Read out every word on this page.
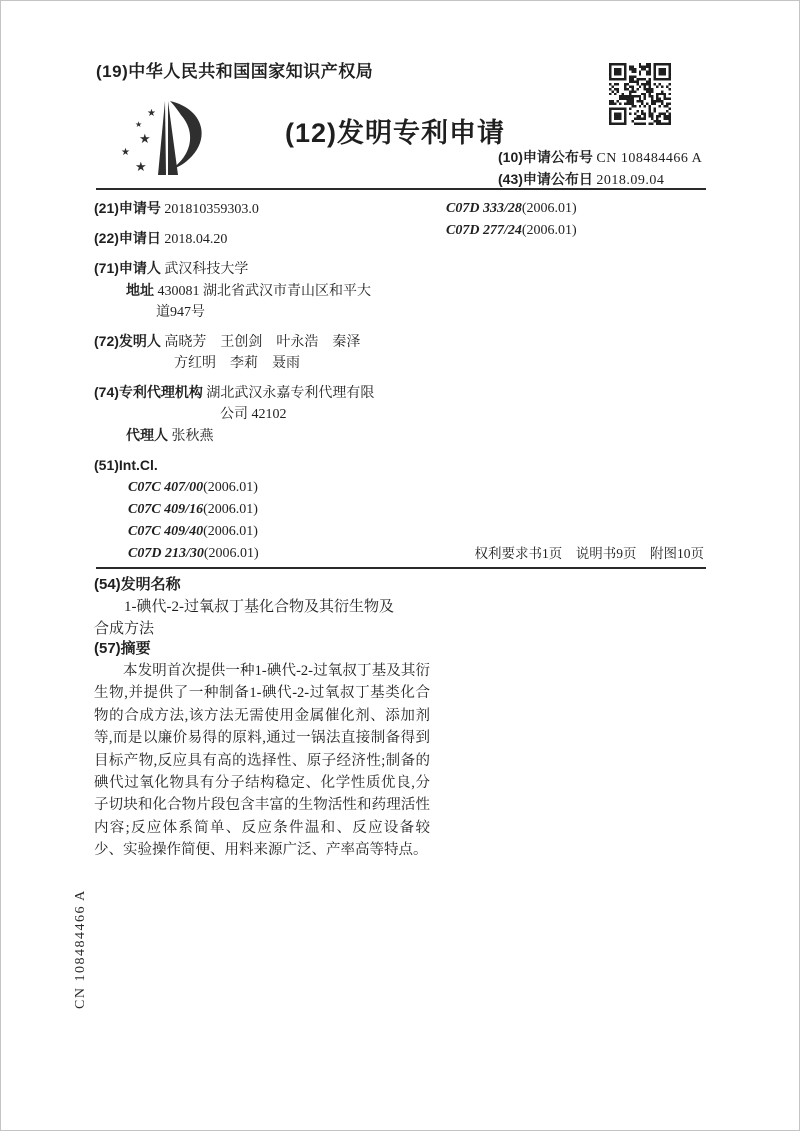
(19)中华人民共和国国家知识产权局
★
★
★
★
★
(12)发明专利申请
(10)申请公布号 CN 108484466 A
(43)申请公布日 2018.09.04
(21)申请号 201810359303.0
(22)申请日 2018.04.20
(71)申请人 武汉科技大学
地址 430081 湖北省武汉市青山区和平大
道947号
(72)发明人 高晓芳　王创剑　叶永浩　秦泽
方红明　李莉　聂雨
(74)专利代理机构 湖北武汉永嘉专利代理有限
公司 42102
代理人 张秋燕
(51)Int.Cl.
C07C 407/00(2006.01)
C07C 409/16(2006.01)
C07C 409/40(2006.01)
C07D 213/30(2006.01)
C07D 333/28(2006.01)
C07D 277/24(2006.01)
权利要求书1页　说明书9页　附图10页
(54)发明名称
1-碘代-2-过氧叔丁基化合物及其衍生物及
合成方法
(57)摘要
本发明首次提供一种1-碘代-2-过氧叔丁基及其衍生物,并提供了一种制备1-碘代-2-过氧叔丁基类化合物的合成方法,该方法无需使用金属催化剂、添加剂等,而是以廉价易得的原料,通过一锅法直接制备得到目标产物,反应具有高的选择性、原子经济性;制备的碘代过氧化物具有分子结构稳定、化学性质优良,分子切块和化合物片段包含丰富的生物活性和药理活性内容;反应体系简单、反应条件温和、反应设备较少、实验操作简便、用料来源广泛、产率高等特点。
CN 108484466 A
